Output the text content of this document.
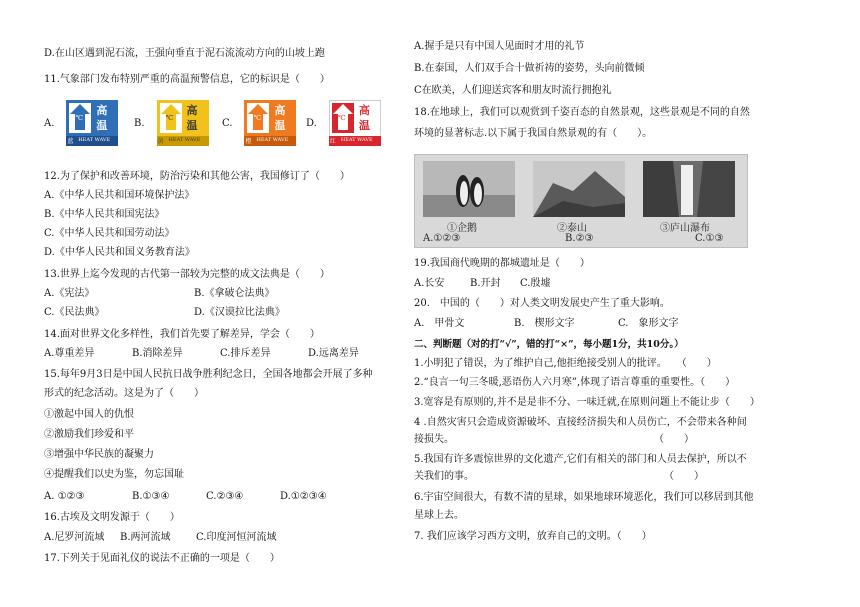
D.在山区遇到泥石流，王强向垂直于泥石流流动方向的山坡上跑
11.气象部门发布特别严重的高温预警信息，它的标识是（　　）
A.	℃
高
温
蓝 HEAT WAVE
B.	℃
高
温
黄 HEAT WAVE
C.	℃
高
温
橙 HEAT WAVE
D.	℃
高
温
红 HEAT WAVE
12.为了保护和改善环境，防治污染和其他公害，我国修订了（　　）
A.《中华人民共和国环境保护法》
B.《中华人民共和国宪法》
C.《中华人民共和国劳动法》
D.《中华人民共和国义务教育法》
13.世界上迄今发现的古代第一部较为完整的成文法典是（　　）
A.《宪法》	B.《拿破仑法典》
C.《民法典》	D.《汉谟拉比法典》
14.面对世界文化多样性，我们首先要了解差异，学会（　　）
A.尊重差异	B.消除差异	C.排斥差异	D.远离差异
15.每年9月3日是中国人民抗日战争胜利纪念日，全国各地都会开展了多种
形式的纪念活动。这是为了（　　）
①激起中国人的仇恨
②激励我们珍爱和平
③增强中华民族的凝聚力
④提醒我们以史为鉴，勿忘国耻
A. ①②③	B.①③④	C.②③④	D.①②③④
16.古埃及文明发源于（　　）
A.尼罗河流域 B.两河流域	C.印度河恒河流域
17.下列关于见面礼仪的说法不正确的一项是（　　）
A.握手是只有中国人见面时才用的礼节
B.在泰国，人们双手合十做祈祷的姿势，头向前微倾
C在欧美，人们迎送宾客和朋友时流行拥抱礼
18.在地球上，我们可以观赏到千姿百态的自然景观，这些景观是不同的自然
环境的显著标志.以下属于我国自然景观的有（　　）。
①企鹅	②泰山	③庐山瀑布
A.①②③	B.②③	C.①③
19.我国商代晚期的都城遗址是（　　）
A.长安	B.开封 C.殷墟
20.　中国的（　　）对人类文明发展史产生了重大影响。
A.　甲骨文	B.　楔形文字	C.　象形文字
二、判断题（对的打“√”，错的打“×”，每小题1分，共10分。）
1.小明犯了错误，为了维护自己,他拒绝接受别人的批评。　　（　　）
2.“良言一句三冬暖,恶语伤人六月寒”,体现了语言尊重的重要性。（　　）
3.宽容是有原则的,并不是是非不分、一味迁就,在原则问题上不能让步（　　）
4 .自然灾害只会造成资源破坏、直接经济损失和人员伤亡，不会带来各种间
接损失。　　　　　　　　　　　　　　　　　　　　　（　　）
5.我国有许多震惊世界的文化遗产,它们有相关的部门和人员去保护，所以不
关我们的事。　　　　　　　　　　　　　　　　　　　　（　　）
6.宇宙空间很大，有数不清的星球，如果地球环境恶化，我们可以移居到其他
星球上去。
7. 我们应该学习西方文明，放弃自己的文明。（　　）
